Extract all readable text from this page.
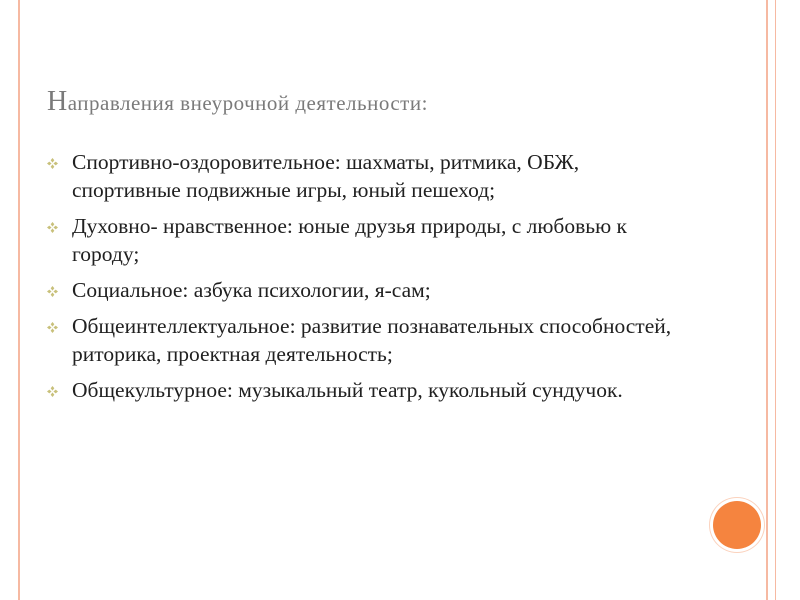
Направления внеурочной деятельности:
Спортивно-оздоровительное: шахматы, ритмика, ОБЖ, спортивные подвижные игры, юный пешеход;
Духовно- нравственное: юные друзья природы, с любовью к городу;
Социальное: азбука психологии, я-сам;
Общеинтеллектуальное: развитие познавательных способностей, риторика, проектная деятельность;
Общекультурное: музыкальный театр, кукольный сундучок.
